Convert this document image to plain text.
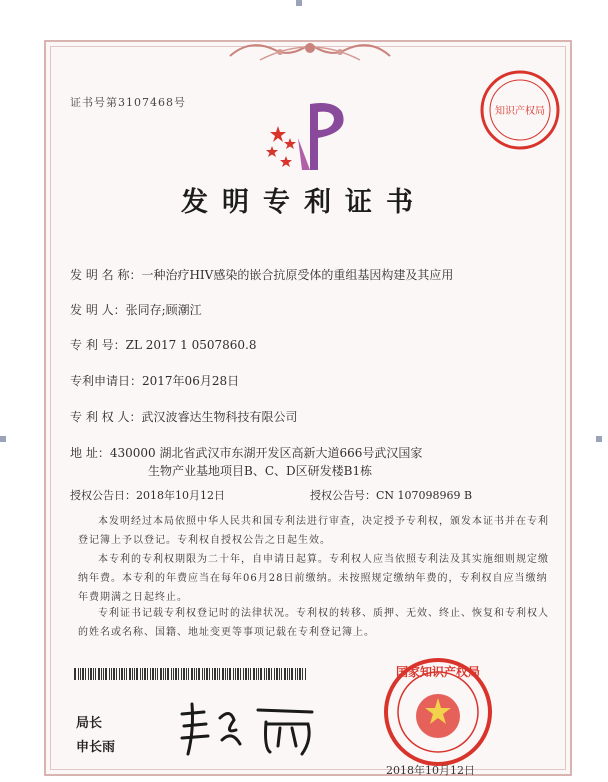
证书号第3107468号
知识产权局
发明专利证书
发 明 名 称：一种治疗HIV感染的嵌合抗原受体的重组基因构建及其应用
发 明 人：张同存;顾潮江
专 利 号：ZL 2017 1 0507860.8
专利申请日：2017年06月28日
专 利 权 人：武汉波睿达生物科技有限公司
地 址：430000 湖北省武汉市东湖开发区高新大道666号武汉国家
生物产业基地项目B、C、D区研发楼B1栋
授权公告日：2018年10月12日	授权公告号：CN 107098969 B
本发明经过本局依照中华人民共和国专利法进行审查，决定授予专利权，颁发本证书并在专利登记簿上予以登记。专利权自授权公告之日起生效。
本专利的专利权期限为二十年，自申请日起算。专利权人应当依照专利法及其实施细则规定缴纳年费。本专利的年费应当在每年06月28日前缴纳。未按照规定缴纳年费的，专利权自应当缴纳年费期满之日起终止。
专利证书记载专利权登记时的法律状况。专利权的转移、质押、无效、终止、恢复和专利权人的姓名或名称、国籍、地址变更等事项记载在专利登记簿上。
局长
申长雨
国家知识产权局
2018年10月12日
